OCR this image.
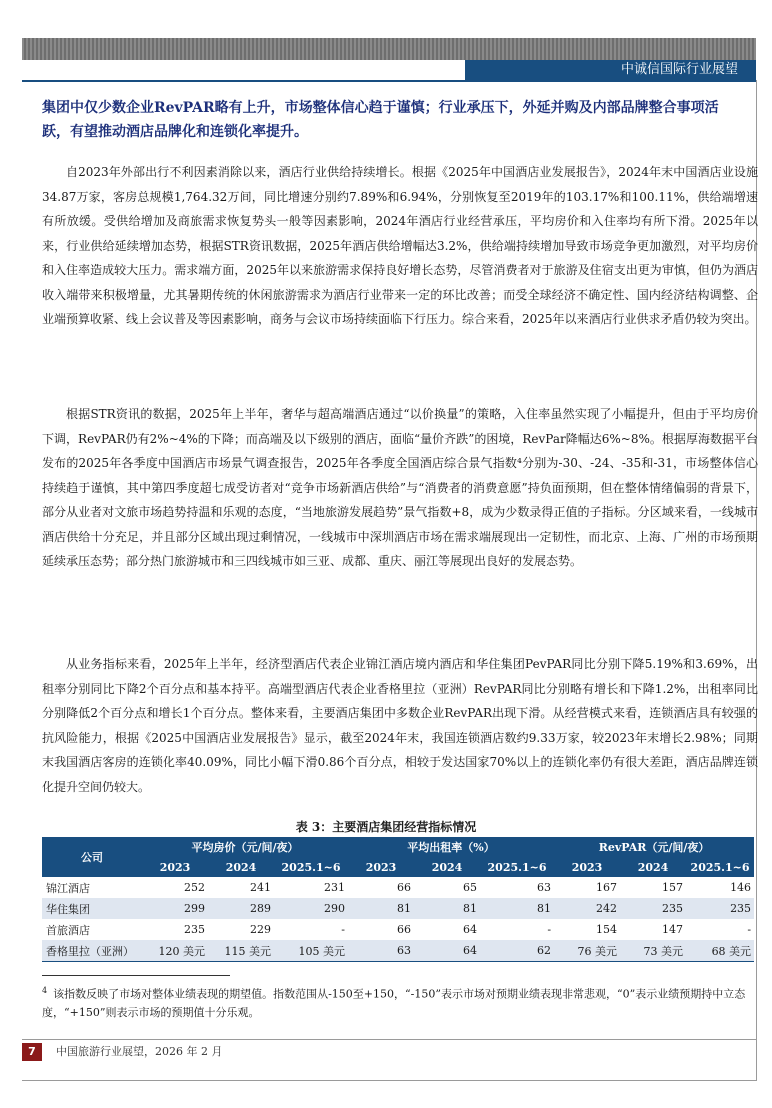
中诚信国际行业展望

集团中仅少数企业RevPAR略有上升，市场整体信心趋于谨慎；行业承压下，外延并购及内部品牌整合事项活跃，有望推动酒店品牌化和连锁化率提升。

自2023年外部出行不利因素消除以来，酒店行业供给持续增长。根据《2025年中国酒店业发展报告》，2024年末中国酒店业设施34.87万家，客房总规模1,764.32万间，同比增速分别约7.89%和6.94%，分别恢复至2019年的103.17%和100.11%，供给端增速有所放缓。受供给增加及商旅需求恢复势头一般等因素影响，2024年酒店行业经营承压，平均房价和入住率均有所下滑。2025年以来，行业供给延续增加态势，根据STR资讯数据，2025年酒店供给增幅达3.2%，供给端持续增加导致市场竞争更加激烈，对平均房价和入住率造成较大压力。需求端方面，2025年以来旅游需求保持良好增长态势，尽管消费者对于旅游及住宿支出更为审慎，但仍为酒店收入端带来积极增量，尤其暑期传统的休闲旅游需求为酒店行业带来一定的环比改善；而受全球经济不确定性、国内经济结构调整、企业端预算收紧、线上会议普及等因素影响，商务与会议市场持续面临下行压力。综合来看，2025年以来酒店行业供求矛盾仍较为突出。

根据STR资讯的数据，2025年上半年，奢华与超高端酒店通过“以价换量”的策略，入住率虽然实现了小幅提升，但由于平均房价下调，RevPAR仍有2%~4%的下降；而高端及以下级别的酒店，面临“量价齐跌”的困境，RevPar降幅达6%~8%。根据厚海数据平台发布的2025年各季度中国酒店市场景气调查报告，2025年各季度全国酒店综合景气指数⁴分别为-30、-24、-35和-31，市场整体信心持续趋于谨慎，其中第四季度超七成受访者对“竞争市场新酒店供给”与“消费者的消费意愿”持负面预期，但在整体情绪偏弱的背景下，部分从业者对文旅市场趋势持温和乐观的态度，“当地旅游发展趋势”景气指数+8，成为少数录得正值的子指标。分区域来看，一线城市酒店供给十分充足，并且部分区域出现过剩情况，一线城市中深圳酒店市场在需求端展现出一定韧性，而北京、上海、广州的市场预期延续承压态势；部分热门旅游城市和三四线城市如三亚、成都、重庆、丽江等展现出良好的发展态势。

从业务指标来看，2025年上半年，经济型酒店代表企业锦江酒店境内酒店和华住集团PevPAR同比分别下降5.19%和3.69%，出租率分别同比下降2个百分点和基本持平。高端型酒店代表企业香格里拉（亚洲）RevPAR同比分别略有增长和下降1.2%，出租率同比分别降低2个百分点和增长1个百分点。整体来看，主要酒店集团中多数企业RevPAR出现下滑。从经营模式来看，连锁酒店具有较强的抗风险能力，根据《2025中国酒店业发展报告》显示，截至2024年末，我国连锁酒店数约9.33万家，较2023年末增长2.98%；同期末我国酒店客房的连锁化率40.09%，同比小幅下滑0.86个百分点，相较于发达国家70%以上的连锁化率仍有很大差距，酒店品牌连锁化提升空间仍较大。

表 3：主要酒店集团经营指标情况
公司	平均房价（元/间/夜）			平均出租率（%）			RevPAR（元/间/夜）		
	2023	2024	2025.1~6	2023	2024	2025.1~6	2023	2024	2025.1~6
锦江酒店	252	241	231	66	65	63	167	157	146
华住集团	299	289	290	81	81	81	242	235	235
首旅酒店	235	229	-	66	64	-	154	147	-
香格里拉（亚洲）	120 美元	115 美元	105 美元	63	64	62	76 美元	73 美元	68 美元

$^4$ 该指数反映了市场对整体业绩表现的期望值。指数范围从-150至+150，“-150”表示市场对预期业绩表现非常悲观，“0”表示业绩预期持中立态度，“+150”则表示市场的预期值十分乐观。

7	中国旅游行业展望，2026 年 2 月
